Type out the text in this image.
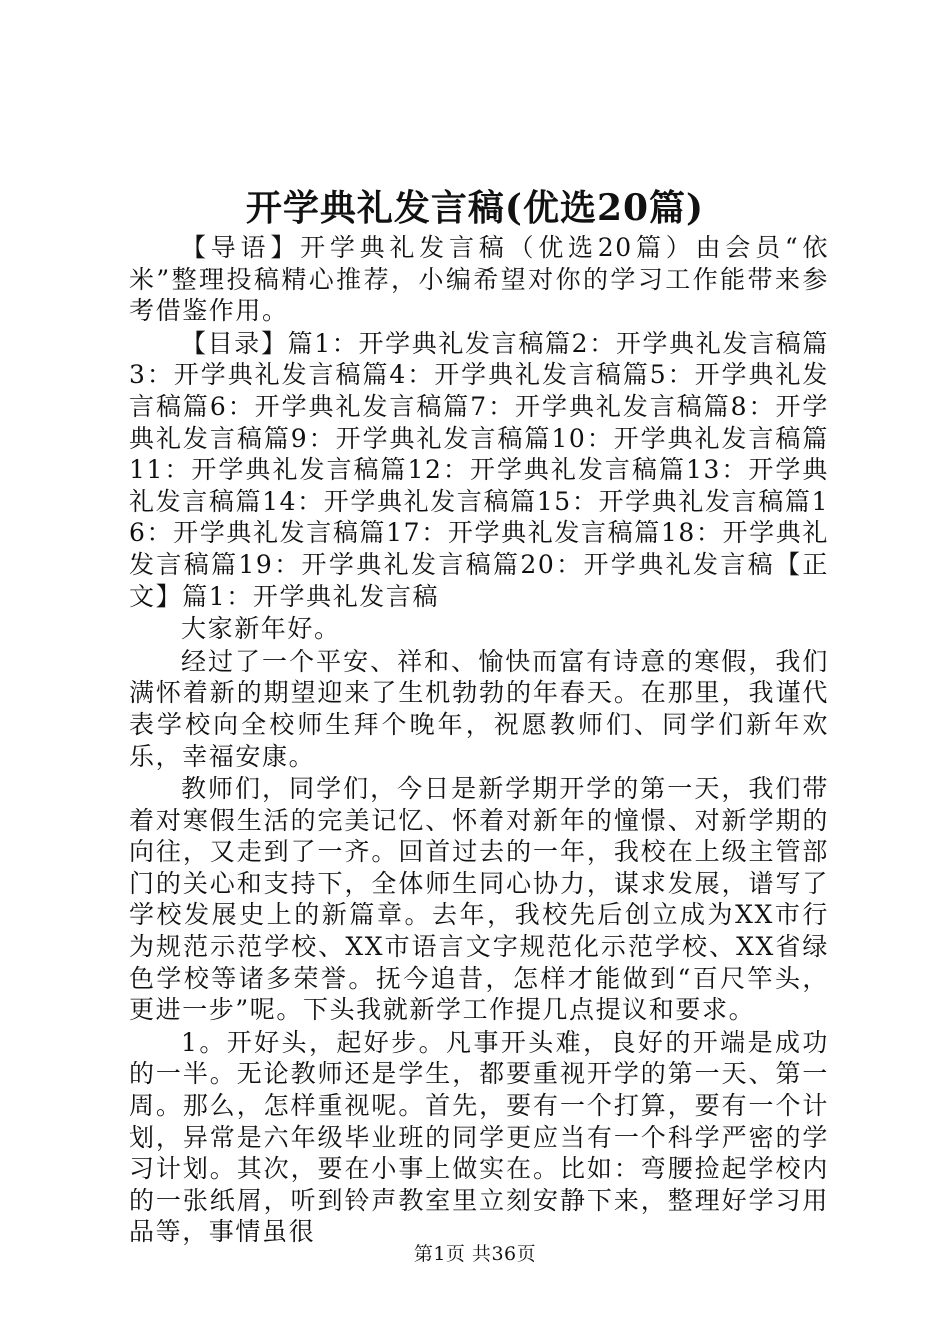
开学典礼发言稿(优选20篇)

【导语】开学典礼发言稿（优选20篇）由会员“依米”整理投稿精心推荐，小编希望对你的学习工作能带来参考借鉴作用。

【目录】篇1：开学典礼发言稿篇2：开学典礼发言稿篇3：开学典礼发言稿篇4：开学典礼发言稿篇5：开学典礼发言稿篇6：开学典礼发言稿篇7：开学典礼发言稿篇8：开学典礼发言稿篇9：开学典礼发言稿篇10：开学典礼发言稿篇11：开学典礼发言稿篇12：开学典礼发言稿篇13：开学典礼发言稿篇14：开学典礼发言稿篇15：开学典礼发言稿篇16：开学典礼发言稿篇17：开学典礼发言稿篇18：开学典礼发言稿篇19：开学典礼发言稿篇20：开学典礼发言稿【正文】篇1：开学典礼发言稿

大家新年好。

经过了一个平安、祥和、愉快而富有诗意的寒假，我们满怀着新的期望迎来了生机勃勃的年春天。在那里，我谨代表学校向全校师生拜个晚年，祝愿教师们、同学们新年欢乐，幸福安康。

教师们，同学们，今日是新学期开学的第一天，我们带着对寒假生活的完美记忆、怀着对新年的憧憬、对新学期的向往，又走到了一齐。回首过去的一年，我校在上级主管部门的关心和支持下，全体师生同心协力，谋求发展，谱写了学校发展史上的新篇章。去年，我校先后创立成为XX市行为规范示范学校、XX市语言文字规范化示范学校、XX省绿色学校等诸多荣誉。抚今追昔，怎样才能做到“百尺竿头，更进一步”呢。下头我就新学工作提几点提议和要求。

1。开好头，起好步。凡事开头难，良好的开端是成功的一半。无论教师还是学生，都要重视开学的第一天、第一周。那么，怎样重视呢。首先，要有一个打算，要有一个计划，异常是六年级毕业班的同学更应当有一个科学严密的学习计划。其次，要在小事上做实在。比如：弯腰捡起学校内的一张纸屑，听到铃声教室里立刻安静下来，整理好学习用品等，事情虽很

第1页 共36页
